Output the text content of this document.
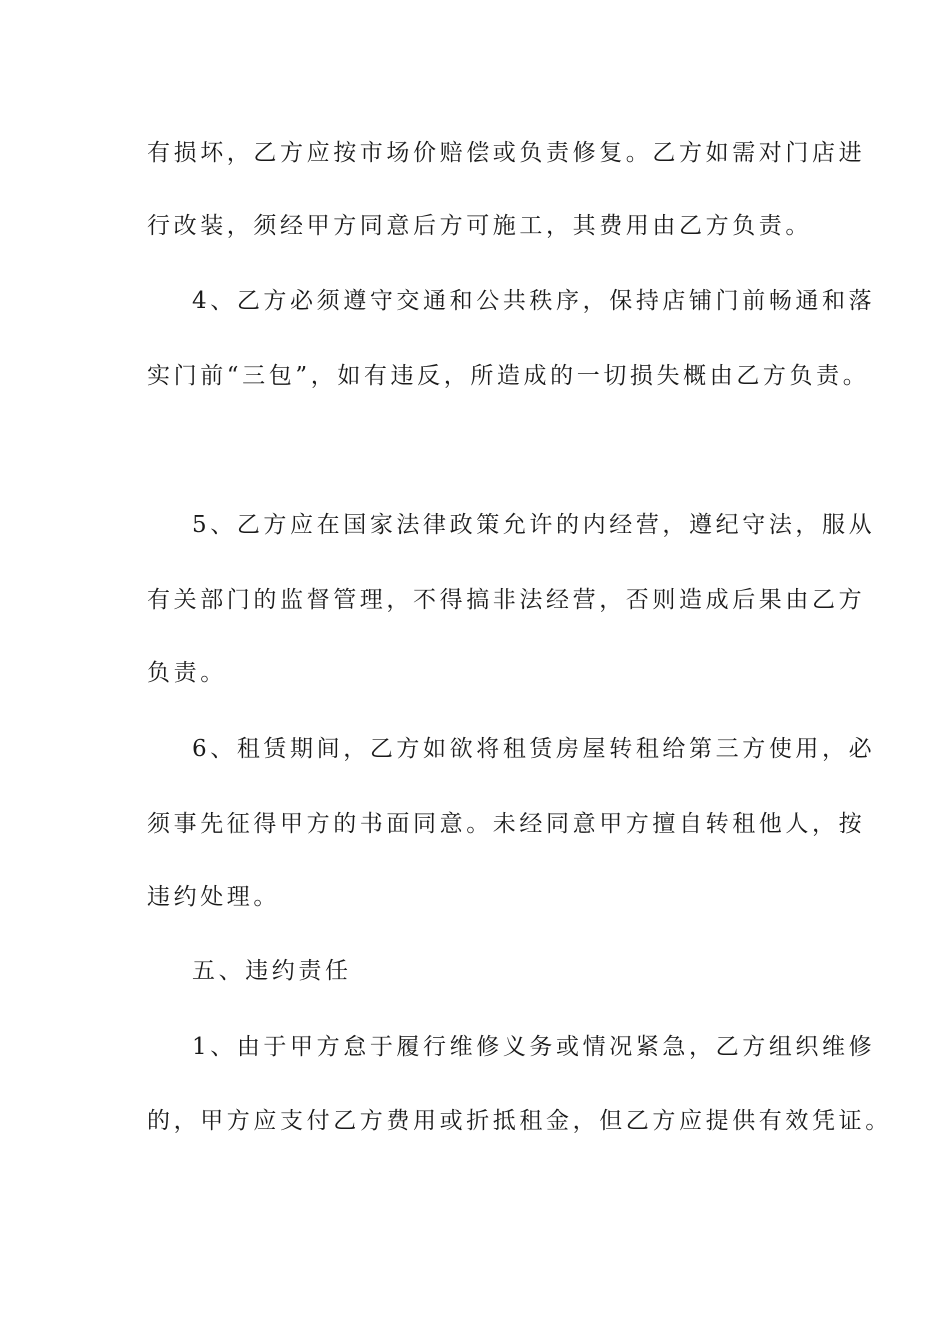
有损坏，乙方应按市场价赔偿或负责修复。乙方如需对门店进
行改装，须经甲方同意后方可施工，其费用由乙方负责。
4、乙方必须遵守交通和公共秩序，保持店铺门前畅通和落
实门前“三包”，如有违反，所造成的一切损失概由乙方负责。
5、乙方应在国家法律政策允许的内经营，遵纪守法，服从
有关部门的监督管理，不得搞非法经营，否则造成后果由乙方
负责。
6、租赁期间，乙方如欲将租赁房屋转租给第三方使用，必
须事先征得甲方的书面同意。未经同意甲方擅自转租他人，按
违约处理。
五、违约责任
1、由于甲方怠于履行维修义务或情况紧急，乙方组织维修
的，甲方应支付乙方费用或折抵租金，但乙方应提供有效凭证。
